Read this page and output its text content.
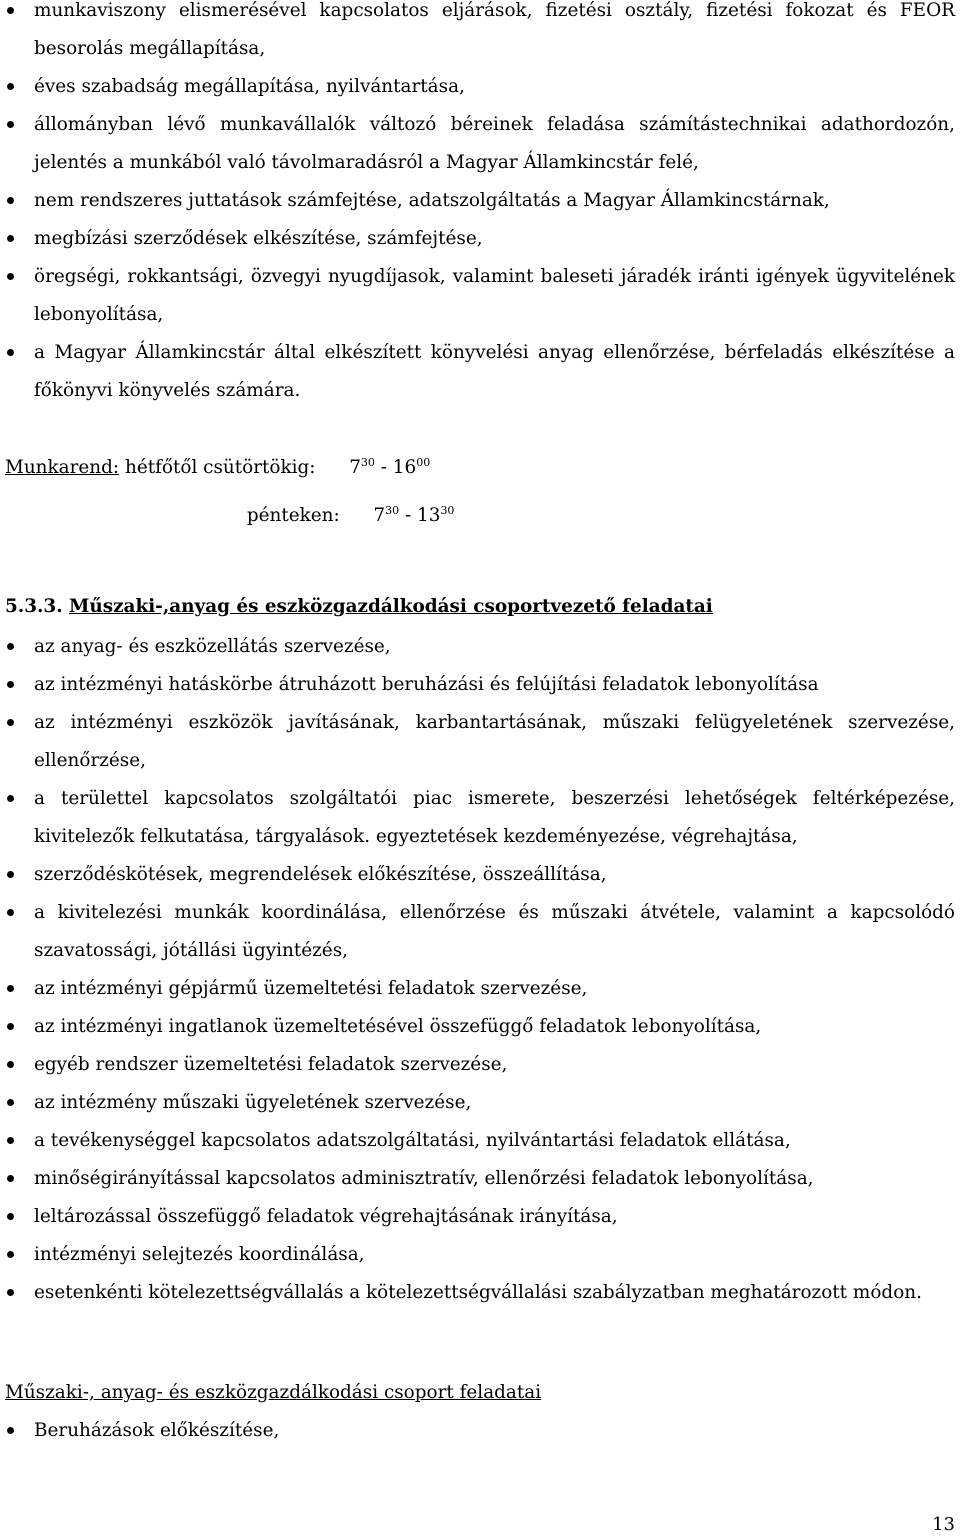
munkaviszony elismerésével kapcsolatos eljárások, fizetési osztály, fizetési fokozat és FEOR besorolás megállapítása,
éves szabadság megállapítása, nyilvántartása,
állományban lévő munkavállalók változó béreinek feladása számítástechnikai adathordozón, jelentés a munkából való távolmaradásról a Magyar Államkincstár felé,
nem rendszeres juttatások számfejtése, adatszolgáltatás a Magyar Államkincstárnak,
megbízási szerződések elkészítése, számfejtése,
öregségi, rokkantsági, özvegyi nyugdíjasok, valamint baleseti járadék iránti igények ügyvitelének lebonyolítása,
a Magyar Államkincstár által elkészített könyvelési anyag ellenőrzése, bérfeladás elkészítése a főkönyvi könyvelés számára.
Munkarend: hétfőtől csütörtökig: $7^{30} - 16^{00}$
pénteken: $7^{30} - 13^{30}$
5.3.3. Műszaki-,anyag és eszközgazdálkodási csoportvezető feladatai
az anyag- és eszközellátás szervezése,
az intézményi hatáskörbe átruházott beruházási és felújítási feladatok lebonyolítása
az intézményi eszközök javításának, karbantartásának, műszaki felügyeletének szervezése, ellenőrzése,
a területtel kapcsolatos szolgáltatói piac ismerete, beszerzési lehetőségek feltérképezése, kivitelezők felkutatása, tárgyalások. egyeztetések kezdeményezése, végrehajtása,
szerződéskötések, megrendelések előkészítése, összeállítása,
a kivitelezési munkák koordinálása, ellenőrzése és műszaki átvétele, valamint a kapcsolódó szavatossági, jótállási ügyintézés,
az intézményi gépjármű üzemeltetési feladatok szervezése,
az intézményi ingatlanok üzemeltetésével összefüggő feladatok lebonyolítása,
egyéb rendszer üzemeltetési feladatok szervezése,
az intézmény műszaki ügyeletének szervezése,
a tevékenységgel kapcsolatos adatszolgáltatási, nyilvántartási feladatok ellátása,
minőségirányítással kapcsolatos adminisztratív, ellenőrzési feladatok lebonyolítása,
leltározással összefüggő feladatok végrehajtásának irányítása,
intézményi selejtezés koordinálása,
esetenkénti kötelezettségvállalás a kötelezettségvállalási szabályzatban meghatározott módon.
Műszaki-, anyag- és eszközgazdálkodási csoport feladatai
Beruházások előkészítése,
13
